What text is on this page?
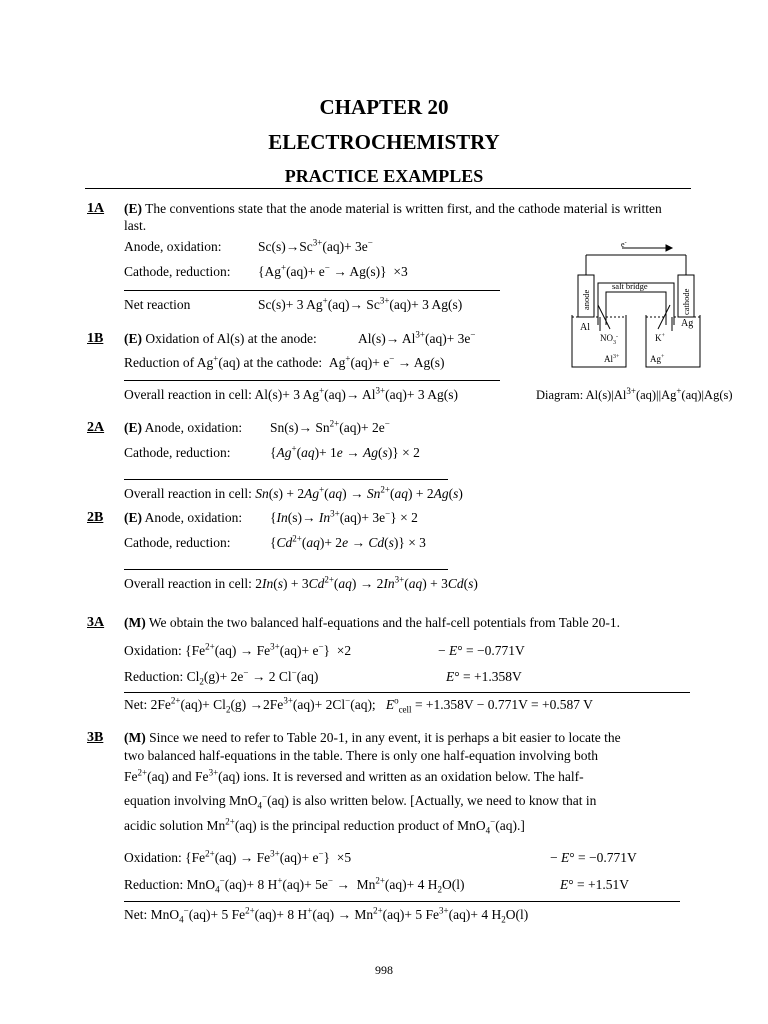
CHAPTER 20
ELECTROCHEMISTRY
PRACTICE EXAMPLES
1A (E) The conventions state that the anode material is written first, and the cathode material is written
last.
Anode, oxidation:	$Sc(s)\to Sc^{3+}(aq)+ 3e^-$
Cathode, reduction: {Ag+(aq)+ e− → Ag(s)}  ×3
Net reaction	Sc(s)+ 3 $Ag^+(aq)\to Sc^{3+}(aq)+ 3$ Ag(s)
1B (E) Oxidation of Al(s) at the anode:	$Al(s)\to Al^{3+}(aq)+ 3e^-$
Reduction of Ag+(aq) at the cathode:  Ag+(aq)+ e− → Ag(s)
Overall reaction in cell: Al(s)+ 3 $Ag^+(aq)\to Al^{3+}(aq)+ 3$ Ag(s)	Diagram: $Al(s)|Al^{3+}(aq)||Ag^+(aq)|Ag(s)$
e-
salt bridge
anode	cathode
Al	Ag
$NO_3^-$	K+
$Al^{3+}$	Ag+
2A (E) Anode, oxidation: $Sn(s)\to Sn^{2+}(aq)+ 2e^-$
Cathode, reduction:	{Ag+(aq)+ 1e → Ag(s)} × 2
Overall reaction in cell: $Sn(s) + 2Ag^+(aq) \to Sn^{2+}(aq) + 2Ag(s)$
2B (E) Anode, oxidation: $\{In(s)\to In^{3+}(aq)+ 3e^-\} \times 2$
Cathode, reduction:	$\{Cd^{2+}(aq)+ 2e \to Cd(s)\} \times 3$
Overall reaction in cell: $2In(s) + 3Cd^{2+}(aq) \to 2In^{3+}(aq) + 3Cd(s)$
3A (M) We obtain the two balanced half-equations and the half-cell potentials from Table 20-1.
Oxidation: $\{Fe^{2+}(aq) \to Fe^{3+}(aq)+ e^-\} \times 2$	− E° = −0.771V
Reduction: $Cl_2(g)+ 2e^- \to 2$ Cl−(aq)	E° = +1.358V
Net: $2Fe^{2+}(aq)+ Cl_2(g) \to 2Fe^{3+}(aq)+ 2Cl^-(aq)$;   $E^o_{cell} = +1.358V - 0.771V = +0.587$ V
3B (M) Since we need to refer to Table 20-1, in any event, it is perhaps a bit easier to locate the
two balanced half-equations in the table. There is only one half-equation involving both
$Fe^{2+}(aq)$ and $Fe^{3+}(aq)$ ions. It is reversed and written as an oxidation below. The half-
equation involving MnO$_4$−(aq) is also written below. [Actually, we need to know that in
acidic solution $Mn^{2+}(aq)$ is the principal reduction product of MnO$_4$−(aq).]
Oxidation: $\{Fe^{2+}(aq) \to Fe^{3+}(aq)+ e^-\} \times 5$	− E° = −0.771V
Reduction: MnO$_4$−(aq)+ 8 $H^+(aq)+ 5e^- \to Mn^{2+}(aq)+ 4$ $H_2O(l)$	E° = +1.51V
Net: MnO$_4$−(aq)+ 5 $Fe^{2+}(aq)+ 8$ $H^+(aq) \to Mn^{2+}(aq)+ 5$ $Fe^{3+}(aq)+ 4$ $H_2O(l)$
998
